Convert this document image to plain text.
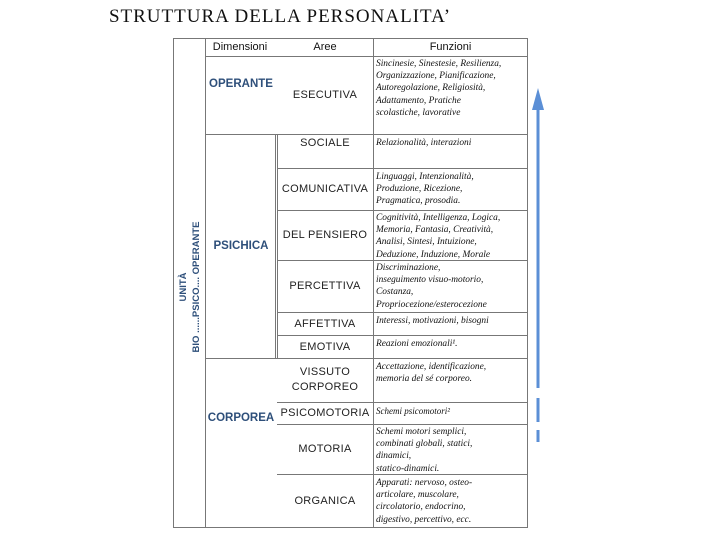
STRUTTURA DELLA PERSONALITA’
UNITÀ BIO ......PSICO.... OPERANTE
Dimensioni	Aree	Funzioni
OPERANTE
PSICHICA
CORPOREA
ESECUTIVA
SOCIALE
COMUNICATIVA
DEL PENSIERO
PERCETTIVA
AFFETTIVA
EMOTIVA
VISSUTO CORPOREO
PSICOMOTORIA
MOTORIA
ORGANICA
Sincinesie, Sinestesie, Resilienza,
Organizzazione, Pianificazione,
Autoregolazione, Religiosità,
Adattamento, Pratiche
scolastiche, lavorative
Relazionalità, interazioni
Linguaggi, Intenzionalità,
Produzione, Ricezione,
Pragmatica, prosodia.
Cognitività, Intelligenza, Logica,
Memoria, Fantasia, Creatività,
Analisi, Sintesi, Intuizione,
Deduzione, Induzione, Morale
Discriminazione,
inseguimento visuo-motorio,
Costanza,
Propriocezione/esterocezione
Interessi, motivazioni, bisogni
Reazioni emozionali¹.
Accettazione, identificazione,
memoria del sé corporeo.
Schemi psicomotori²
Schemi motori semplici,
combinati globali, statici,
dinamici,
statico-dinamici.
Apparati: nervoso, osteo-
articolare, muscolare,
circolatorio, endocrino,
digestivo, percettivo, ecc.
